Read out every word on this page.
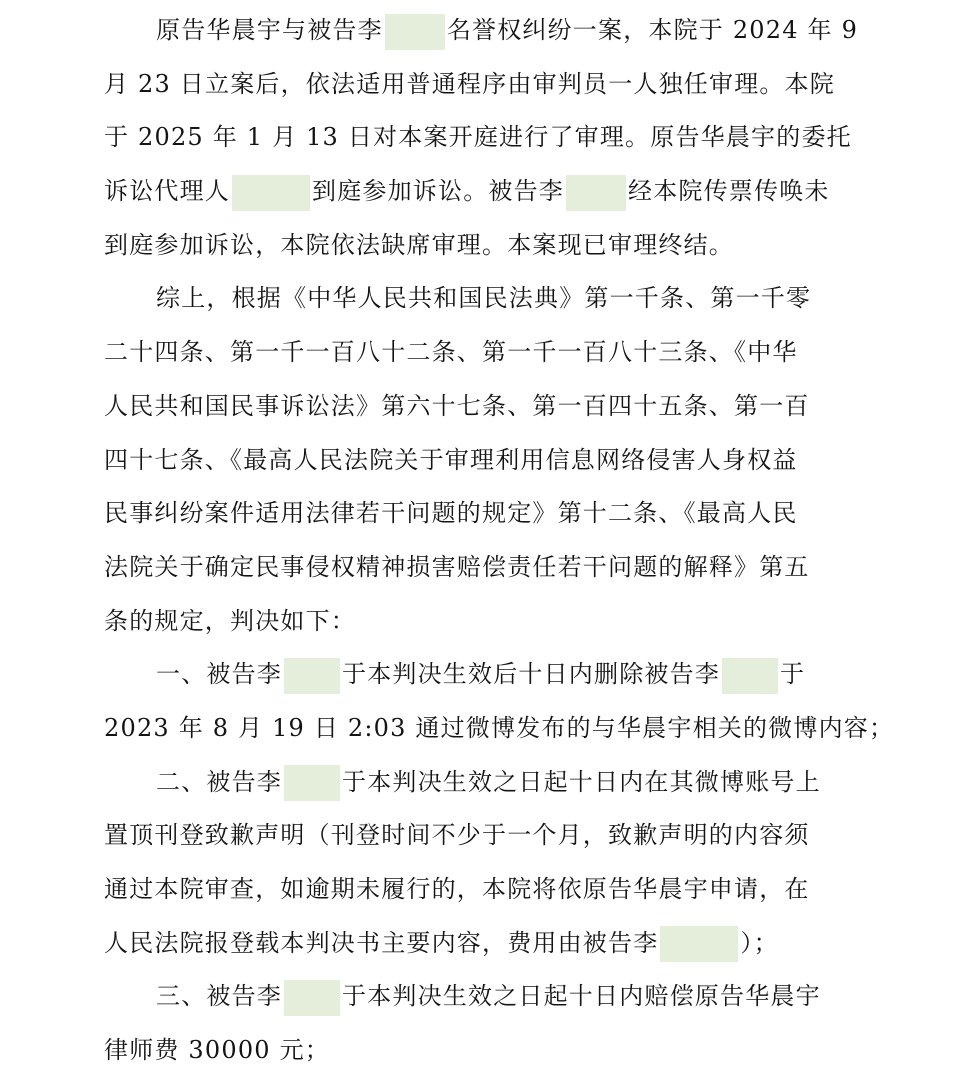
原告华晨宇与被告李	名誉权纠纷一案，本院于 2024 年 9
月 23 日立案后，依法适用普通程序由审判员一人独任审理。本院
于 2025 年 1 月 13 日对本案开庭进行了审理。原告华晨宇的委托
诉讼代理人	到庭参加诉讼。被告李	经本院传票传唤未
到庭参加诉讼，本院依法缺席审理。本案现已审理终结。
综上，根据《中华人民共和国民法典》第一千条、第一千零
二十四条、第一千一百八十二条、第一千一百八十三条、《中华
人民共和国民事诉讼法》第六十七条、第一百四十五条、第一百
四十七条、《最高人民法院关于审理利用信息网络侵害人身权益
民事纠纷案件适用法律若干问题的规定》第十二条、《最高人民
法院关于确定民事侵权精神损害赔偿责任若干问题的解释》第五
条的规定，判决如下：
一、被告李	于本判决生效后十日内删除被告李	于
2023 年 8 月 19 日 2:03 通过微博发布的与华晨宇相关的微博内容；
二、被告李	于本判决生效之日起十日内在其微博账号上
置顶刊登致歉声明（刊登时间不少于一个月，致歉声明的内容须
通过本院审查，如逾期未履行的，本院将依原告华晨宇申请，在
人民法院报登载本判决书主要内容，费用由被告李	）；
三、被告李	于本判决生效之日起十日内赔偿原告华晨宇
律师费 30000 元；
